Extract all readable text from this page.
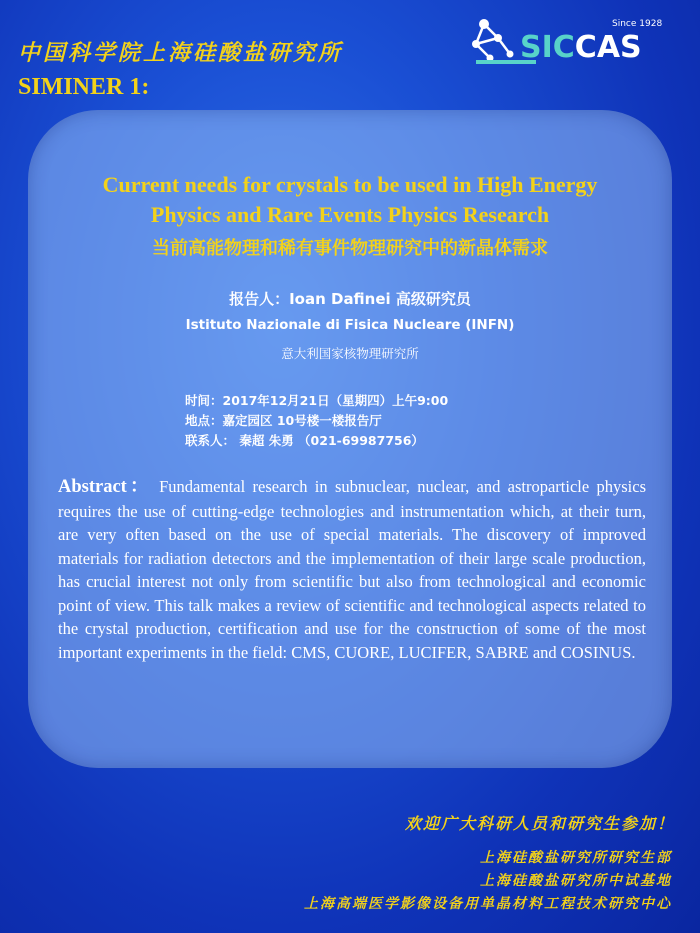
中国科学院上海硅酸盐研究所
SIMINER 1:
Since 1928
SICCAS
Current needs for crystals to be used in High Energy
Physics and Rare Events Physics Research
当前高能物理和稀有事件物理研究中的新晶体需求
报告人：Ioan Dafinei 高级研究员
Istituto Nazionale di Fisica Nucleare (INFN)
意大利国家核物理研究所
时间：2017年12月21日（星期四）上午9:00
地点：嘉定园区 10号楼一楼报告厅
联系人： 秦超 朱勇 （021-69987756）
Abstract： Fundamental research in subnuclear, nuclear, and astroparticle physics requires the use of cutting-edge technologies and instrumentation which, at their turn, are very often based on the use of special materials. The discovery of improved materials for radiation detectors and the implementation of their large scale production, has crucial interest not only from scientific but also from technological and economic point of view. This talk makes a review of scientific and technological aspects related to the crystal production, certification and use for the construction of some of the most important experiments in the field: CMS, CUORE, LUCIFER, SABRE and COSINUS.
欢迎广大科研人员和研究生参加！
上海硅酸盐研究所研究生部
上海硅酸盐研究所中试基地
上海高端医学影像设备用单晶材料工程技术研究中心
